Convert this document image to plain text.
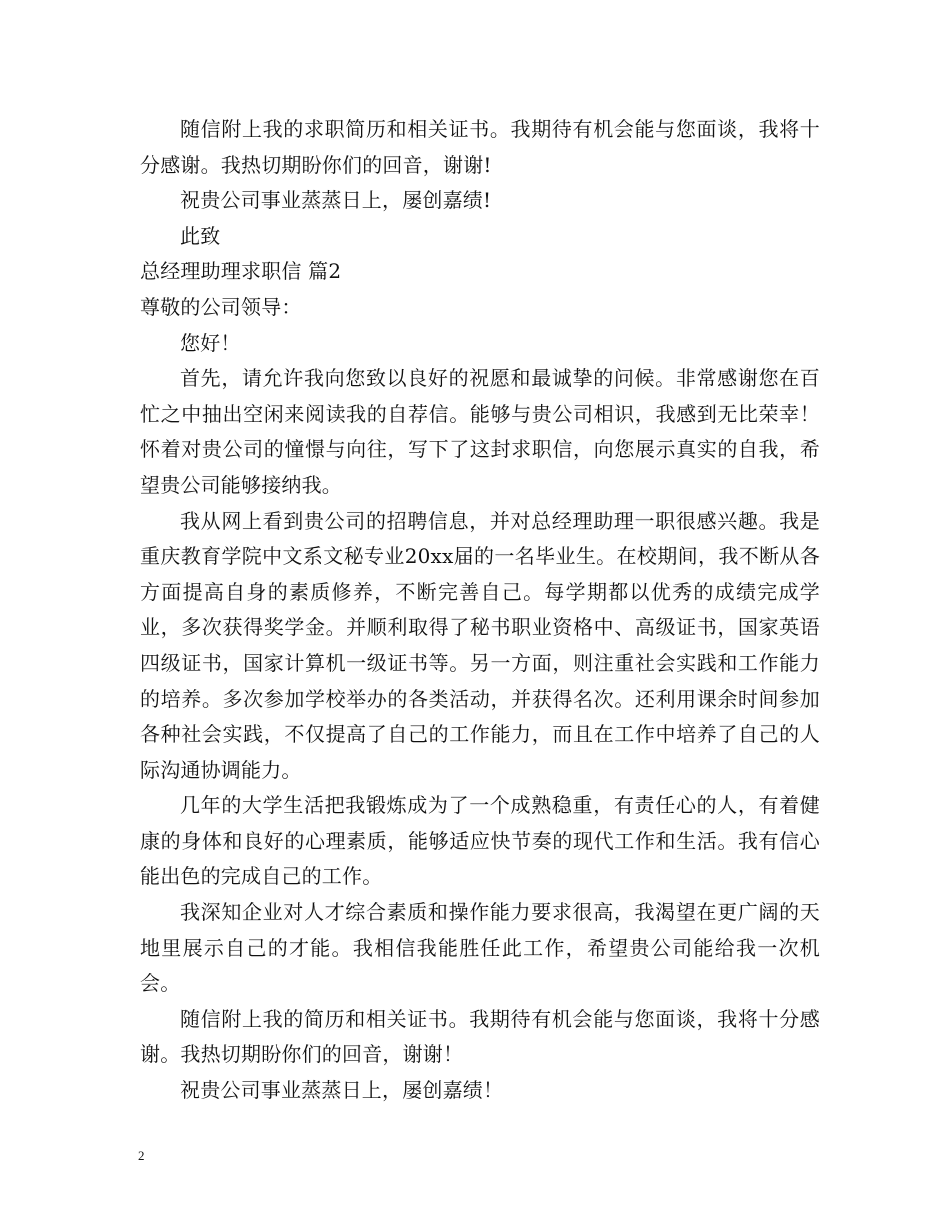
随信附上我的求职简历和相关证书。我期待有机会能与您面谈，我将十分感谢。我热切期盼你们的回音，谢谢!

祝贵公司事业蒸蒸日上，屡创嘉绩!

此致

总经理助理求职信 篇2

尊敬的公司领导：

您好！

首先，请允许我向您致以良好的祝愿和最诚挚的问候。非常感谢您在百忙之中抽出空闲来阅读我的自荐信。能够与贵公司相识，我感到无比荣幸！怀着对贵公司的憧憬与向往，写下了这封求职信，向您展示真实的自我，希望贵公司能够接纳我。

我从网上看到贵公司的招聘信息，并对总经理助理一职很感兴趣。我是重庆教育学院中文系文秘专业20xx届的一名毕业生。在校期间，我不断从各方面提高自身的素质修养，不断完善自己。每学期都以优秀的成绩完成学业，多次获得奖学金。并顺利取得了秘书职业资格中、高级证书，国家英语四级证书，国家计算机一级证书等。另一方面，则注重社会实践和工作能力的培养。多次参加学校举办的各类活动，并获得名次。还利用课余时间参加各种社会实践，不仅提高了自己的工作能力，而且在工作中培养了自己的人际沟通协调能力。

几年的大学生活把我锻炼成为了一个成熟稳重，有责任心的人，有着健康的身体和良好的心理素质，能够适应快节奏的现代工作和生活。我有信心能出色的完成自己的工作。

我深知企业对人才综合素质和操作能力要求很高，我渴望在更广阔的天地里展示自己的才能。我相信我能胜任此工作，希望贵公司能给我一次机会。

随信附上我的简历和相关证书。我期待有机会能与您面谈，我将十分感谢。我热切期盼你们的回音，谢谢！

祝贵公司事业蒸蒸日上，屡创嘉绩！

2
